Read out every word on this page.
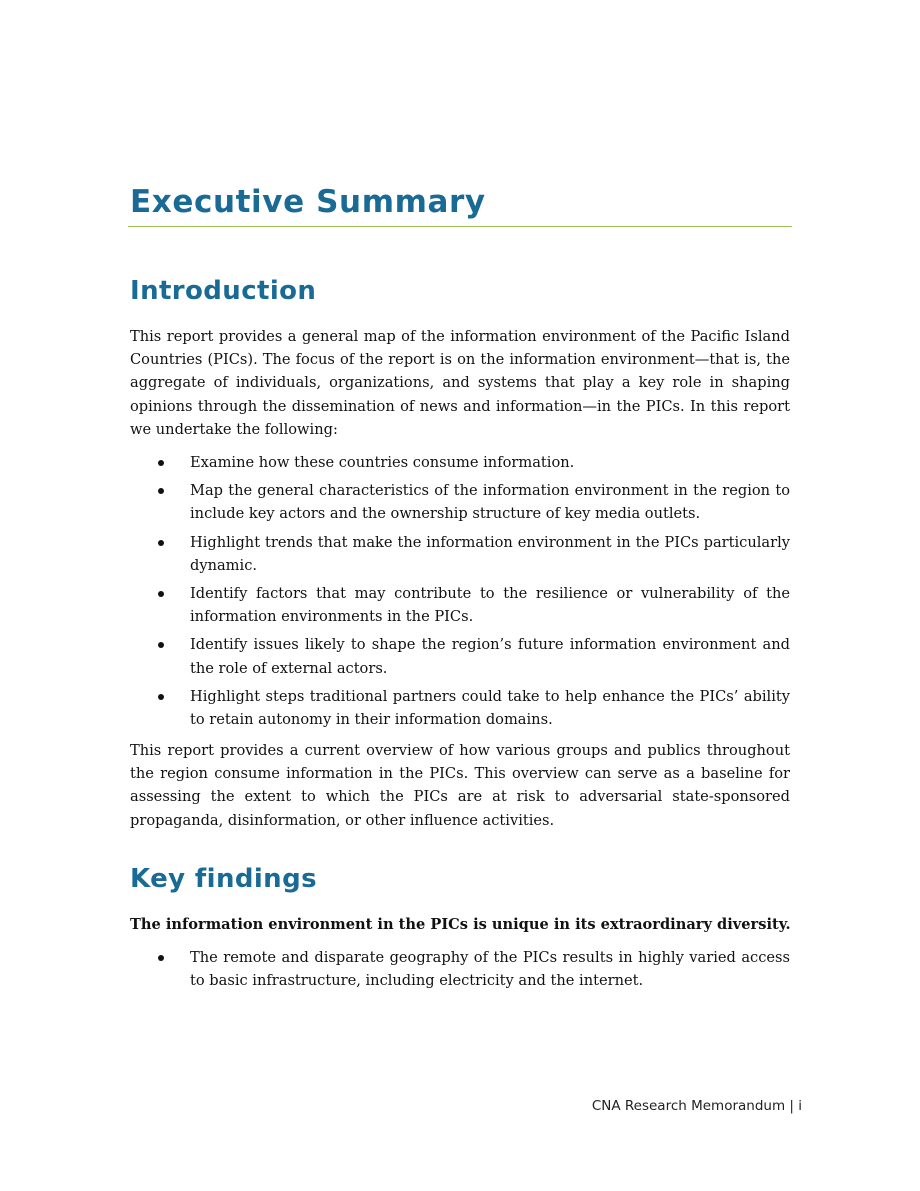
Executive Summary
Introduction

This report provides a general map of the information environment of the Pacific Island Countries (PICs). The focus of the report is on the information environment—that is, the aggregate of individuals, organizations, and systems that play a key role in shaping opinions through the dissemination of news and information—in the PICs. In this report we undertake the following:

Examine how these countries consume information.
Map the general characteristics of the information environment in the region to include key actors and the ownership structure of key media outlets.
Highlight trends that make the information environment in the PICs particularly dynamic.
Identify factors that may contribute to the resilience or vulnerability of the information environments in the PICs.
Identify issues likely to shape the region’s future information environment and the role of external actors.
Highlight steps traditional partners could take to help enhance the PICs’ ability to retain autonomy in their information domains.

This report provides a current overview of how various groups and publics throughout the region consume information in the PICs. This overview can serve as a baseline for assessing the extent to which the PICs are at risk to adversarial state-sponsored propaganda, disinformation, or other influence activities.

Key findings

The information environment in the PICs is unique in its extraordinary diversity.

The remote and disparate geography of the PICs results in highly varied access to basic infrastructure, including electricity and the internet.
CNA Research Memorandum | i
